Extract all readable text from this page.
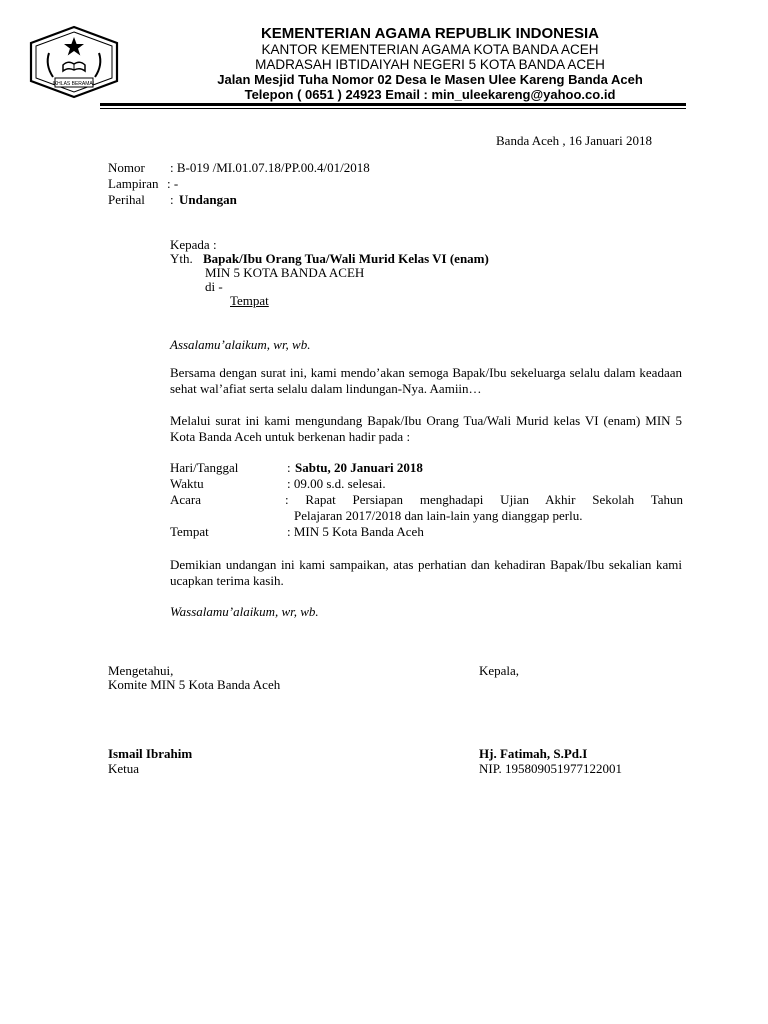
IKHLAS BERAMAL
KEMENTERIAN AGAMA REPUBLIK INDONESIA
KANTOR KEMENTERIAN AGAMA KOTA BANDA ACEH
MADRASAH IBTIDAIYAH NEGERI 5 KOTA BANDA ACEH
Jalan Mesjid Tuha Nomor 02 Desa Ie Masen Ulee Kareng Banda Aceh
Telepon ( 0651 ) 24923 Email : min_uleekareng@yahoo.co.id
Banda Aceh , 16 Januari 2018
Nomor : B-019 /MI.01.07.18/PP.00.4/01/2018
Lampiran : -
Perihal : Undangan
Kepada :
Yth. Bapak/Ibu Orang Tua/Wali Murid Kelas VI (enam)
MIN 5 KOTA BANDA ACEH
di -
Tempat
Assalamu’alaikum, wr, wb.
Bersama dengan surat ini, kami mendo’akan semoga Bapak/Ibu sekeluarga selalu dalam keadaan sehat wal’afiat serta selalu dalam lindungan-Nya. Aamiin…
Melalui surat ini kami mengundang Bapak/Ibu Orang Tua/Wali Murid kelas VI (enam) MIN 5 Kota Banda Aceh untuk berkenan hadir pada :
Hari/Tanggal	: Sabtu, 20 Januari 2018
Waktu	: 09.00 s.d. selesai.
Acara	: Rapat Persiapan menghadapi Ujian Akhir Sekolah Tahun
Pelajaran 2017/2018 dan lain-lain yang dianggap perlu.
Tempat	: MIN 5 Kota Banda Aceh
Demikian undangan ini kami sampaikan, atas perhatian dan kehadiran Bapak/Ibu sekalian kami ucapkan terima kasih.
Wassalamu’alaikum, wr, wb.
Mengetahui,
Komite MIN 5 Kota Banda Aceh
Ismail Ibrahim
Ketua
Kepala,
Hj. Fatimah, S.Pd.I
NIP. 195809051977122001
